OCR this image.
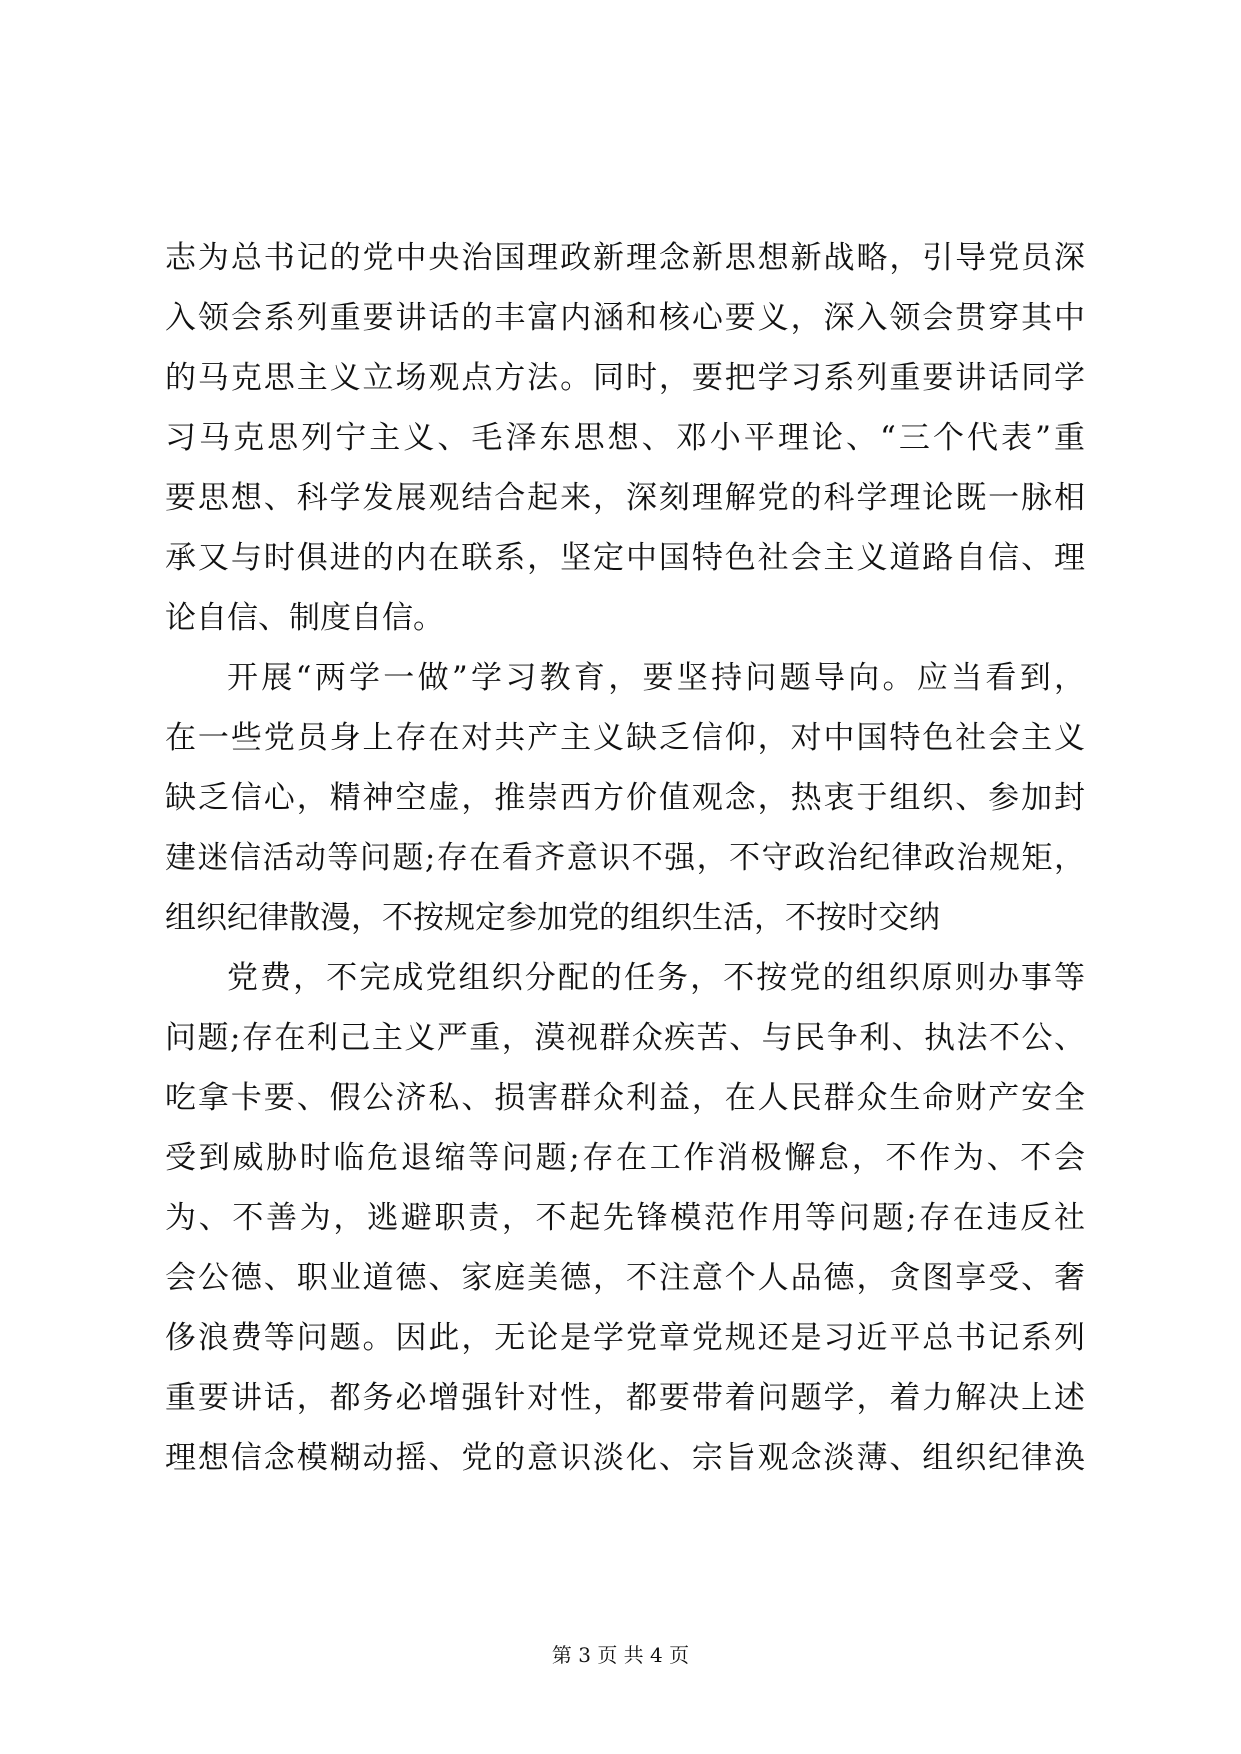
志为总书记的党中央治国理政新理念新思想新战略，引导党员深
入领会系列重要讲话的丰富内涵和核心要义，深入领会贯穿其中
的马克思主义立场观点方法。同时，要把学习系列重要讲话同学
习马克思列宁主义、毛泽东思想、邓小平理论、“三个代表”重
要思想、科学发展观结合起来，深刻理解党的科学理论既一脉相
承又与时俱进的内在联系，坚定中国特色社会主义道路自信、理
论自信、制度自信。
开展“两学一做”学习教育，要坚持问题导向。应当看到，
在一些党员身上存在对共产主义缺乏信仰，对中国特色社会主义
缺乏信心，精神空虚，推崇西方价值观念，热衷于组织、参加封
建迷信活动等问题;存在看齐意识不强，不守政治纪律政治规矩，
组织纪律散漫，不按规定参加党的组织生活，不按时交纳
党费，不完成党组织分配的任务，不按党的组织原则办事等
问题;存在利己主义严重，漠视群众疾苦、与民争利、执法不公、
吃拿卡要、假公济私、损害群众利益，在人民群众生命财产安全
受到威胁时临危退缩等问题;存在工作消极懈怠，不作为、不会
为、不善为，逃避职责，不起先锋模范作用等问题;存在违反社
会公德、职业道德、家庭美德，不注意个人品德，贪图享受、奢
侈浪费等问题。因此，无论是学党章党规还是习近平总书记系列
重要讲话，都务必增强针对性，都要带着问题学，着力解决上述
理想信念模糊动摇、党的意识淡化、宗旨观念淡薄、组织纪律涣
第 3 页 共 4 页
